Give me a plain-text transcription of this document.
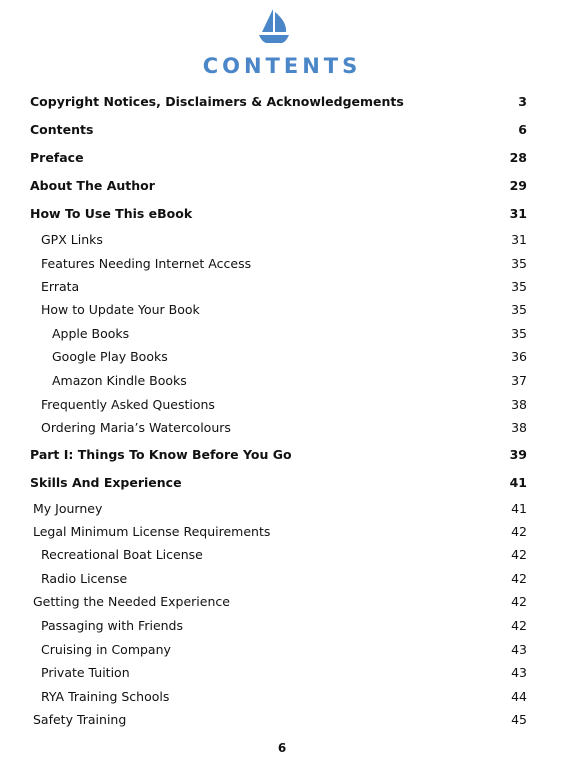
CONTENTS
Copyright Notices, Disclaimers & Acknowledgements	3
Contents	6
Preface	28
About The Author	29
How To Use This eBook	31
GPX Links	31
Features Needing Internet Access	35
Errata	35
How to Update Your Book	35
Apple Books	35
Google Play Books	36
Amazon Kindle Books	37
Frequently Asked Questions	38
Ordering Maria’s Watercolours	38
Part I: Things To Know Before You Go	39
Skills And Experience	41
My Journey	41
Legal Minimum License Requirements	42
Recreational Boat License	42
Radio License	42
Getting the Needed Experience	42
Passaging with Friends	42
Cruising in Company	43
Private Tuition	43
RYA Training Schools	44
Safety Training	45
6
